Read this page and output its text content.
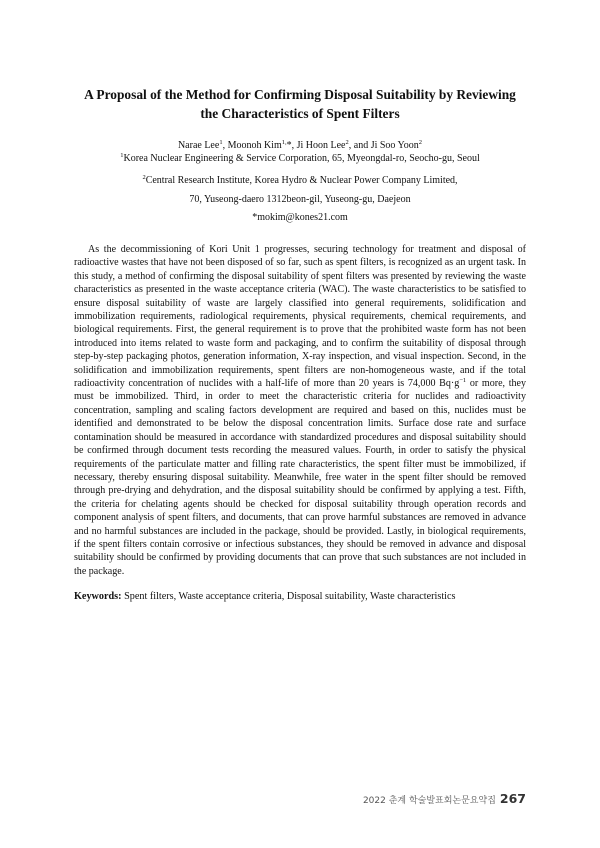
A Proposal of the Method for Confirming Disposal Suitability by Reviewing
the Characteristics of Spent Filters
Narae Lee$^1$, Moonoh Kim$^{1,}$*, Ji Hoon Lee$^2$, and Ji Soo Yoon$^2$
$^1$Korea Nuclear Engineering & Service Corporation, 65, Myeongdal-ro, Seocho-gu, Seoul
$^2$Central Research Institute, Korea Hydro & Nuclear Power Company Limited,
70, Yuseong-daero 1312beon-gil, Yuseong-gu, Daejeon
*mokim@kones21.com

As the decommissioning of Kori Unit 1 progresses, securing technology for treatment and disposal of radioactive wastes that have not been disposed of so far, such as spent filters, is recognized as an urgent task. In this study, a method of confirming the disposal suitability of spent filters was presented by reviewing the waste characteristics as presented in the waste acceptance criteria (WAC). The waste characteristics to be satisfied to ensure disposal suitability of waste are largely classified into general requirements, solidification and immobilization requirements, radiological requirements, physical requirements, chemical requirements, and biological requirements. First, the general requirement is to prove that the prohibited waste form has not been introduced into items related to waste form and packaging, and to confirm the suitability of disposal through step-by-step packaging photos, generation information, X-ray inspection, and visual inspection. Second, in the solidification and immobilization requirements, spent filters are non-homogeneous waste, and if the total radioactivity concentration of nuclides with a half-life of more than 20 years is 74,000 $Bq\cdot g^{-1}$ or more, they must be immobilized. Third, in order to meet the characteristic criteria for nuclides and radioactivity concentration, sampling and scaling factors development are required and based on this, nuclides must be identified and demonstrated to be below the disposal concentration limits. Surface dose rate and surface contamination should be measured in accordance with standardized procedures and disposal suitability should be confirmed through document tests recording the measured values. Fourth, in order to satisfy the physical requirements of the particulate matter and filling rate characteristics, the spent filter must be immobilized, if necessary, thereby ensuring disposal suitability. Meanwhile, free water in the spent filter should be removed through pre-drying and dehydration, and the disposal suitability should be confirmed by applying a test. Fifth, the criteria for chelating agents should be checked for disposal suitability through operation records and component analysis of spent filters, and documents, that can prove harmful substances are removed in advance and no harmful substances are included in the package, should be provided. Lastly, in biological requirements, if the spent filters contain corrosive or infectious substances, they should be removed in advance and disposal suitability should be confirmed by providing documents that can prove that such substances are not included in the package.

Keywords: Spent filters, Waste acceptance criteria, Disposal suitability, Waste characteristics
2022 춘계 학술발표회논문요약집 267
